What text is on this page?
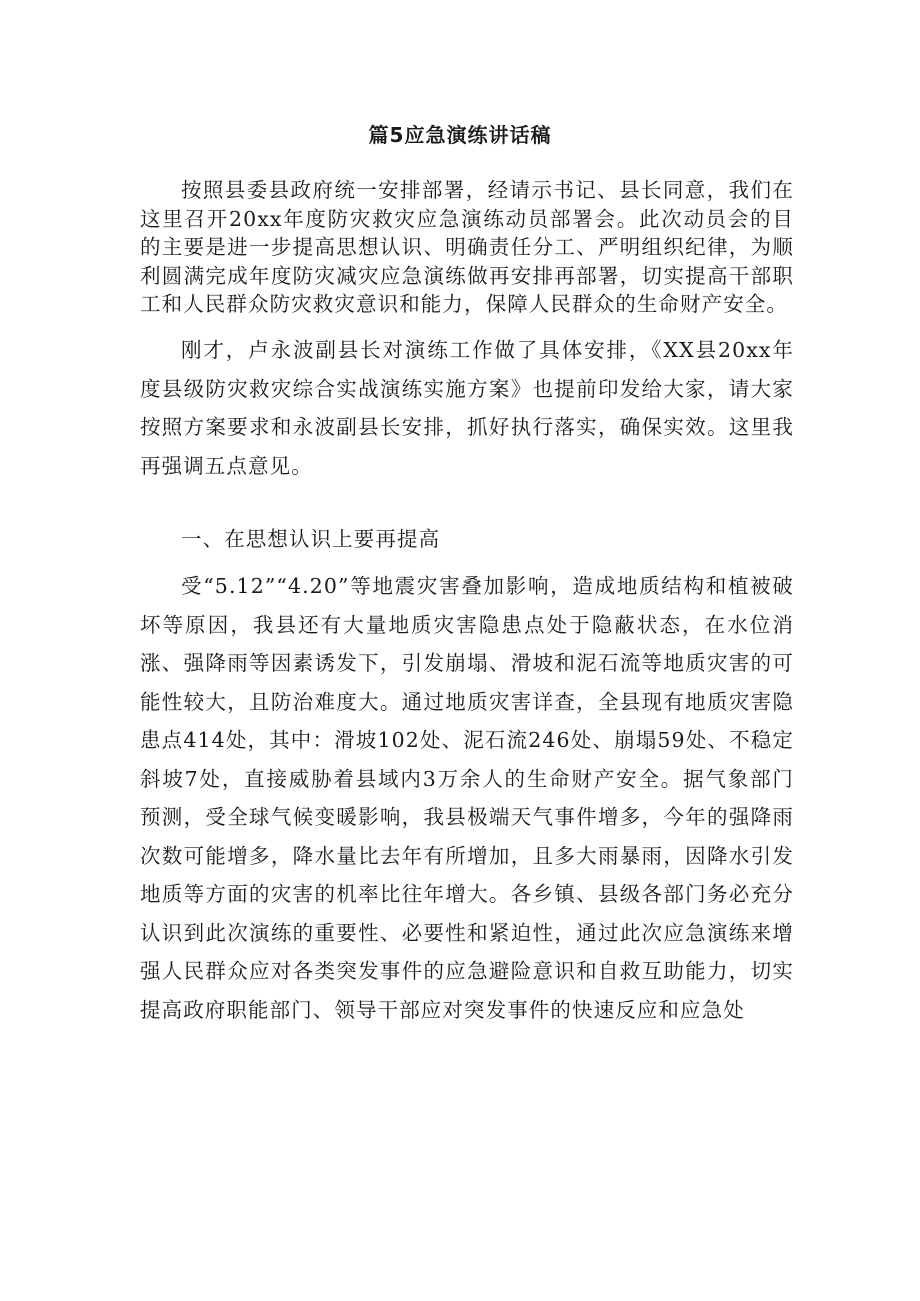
篇5应急演练讲话稿

按照县委县政府统一安排部署，经请示书记、县长同意，我们在这里召开20xx年度防灾救灾应急演练动员部署会。此次动员会的目的主要是进一步提高思想认识、明确责任分工、严明组织纪律，为顺利圆满完成年度防灾减灾应急演练做再安排再部署，切实提高干部职工和人民群众防灾救灾意识和能力，保障人民群众的生命财产安全。

刚才，卢永波副县长对演练工作做了具体安排，《XX县20xx年度县级防灾救灾综合实战演练实施方案》也提前印发给大家，请大家按照方案要求和永波副县长安排，抓好执行落实，确保实效。这里我再强调五点意见。

一、在思想认识上要再提高

受“5.12”“4.20”等地震灾害叠加影响，造成地质结构和植被破坏等原因，我县还有大量地质灾害隐患点处于隐蔽状态，在水位消涨、强降雨等因素诱发下，引发崩塌、滑坡和泥石流等地质灾害的可能性较大，且防治难度大。通过地质灾害详查，全县现有地质灾害隐患点414处，其中：滑坡102处、泥石流246处、崩塌59处、不稳定斜坡7处，直接威胁着县域内3万余人的生命财产安全。据气象部门预测，受全球气候变暖影响，我县极端天气事件增多，今年的强降雨次数可能增多，降水量比去年有所增加，且多大雨暴雨，因降水引发地质等方面的灾害的机率比往年增大。各乡镇、县级各部门务必充分认识到此次演练的重要性、必要性和紧迫性，通过此次应急演练来增强人民群众应对各类突发事件的应急避险意识和自救互助能力，切实提高政府职能部门、领导干部应对突发事件的快速反应和应急处
